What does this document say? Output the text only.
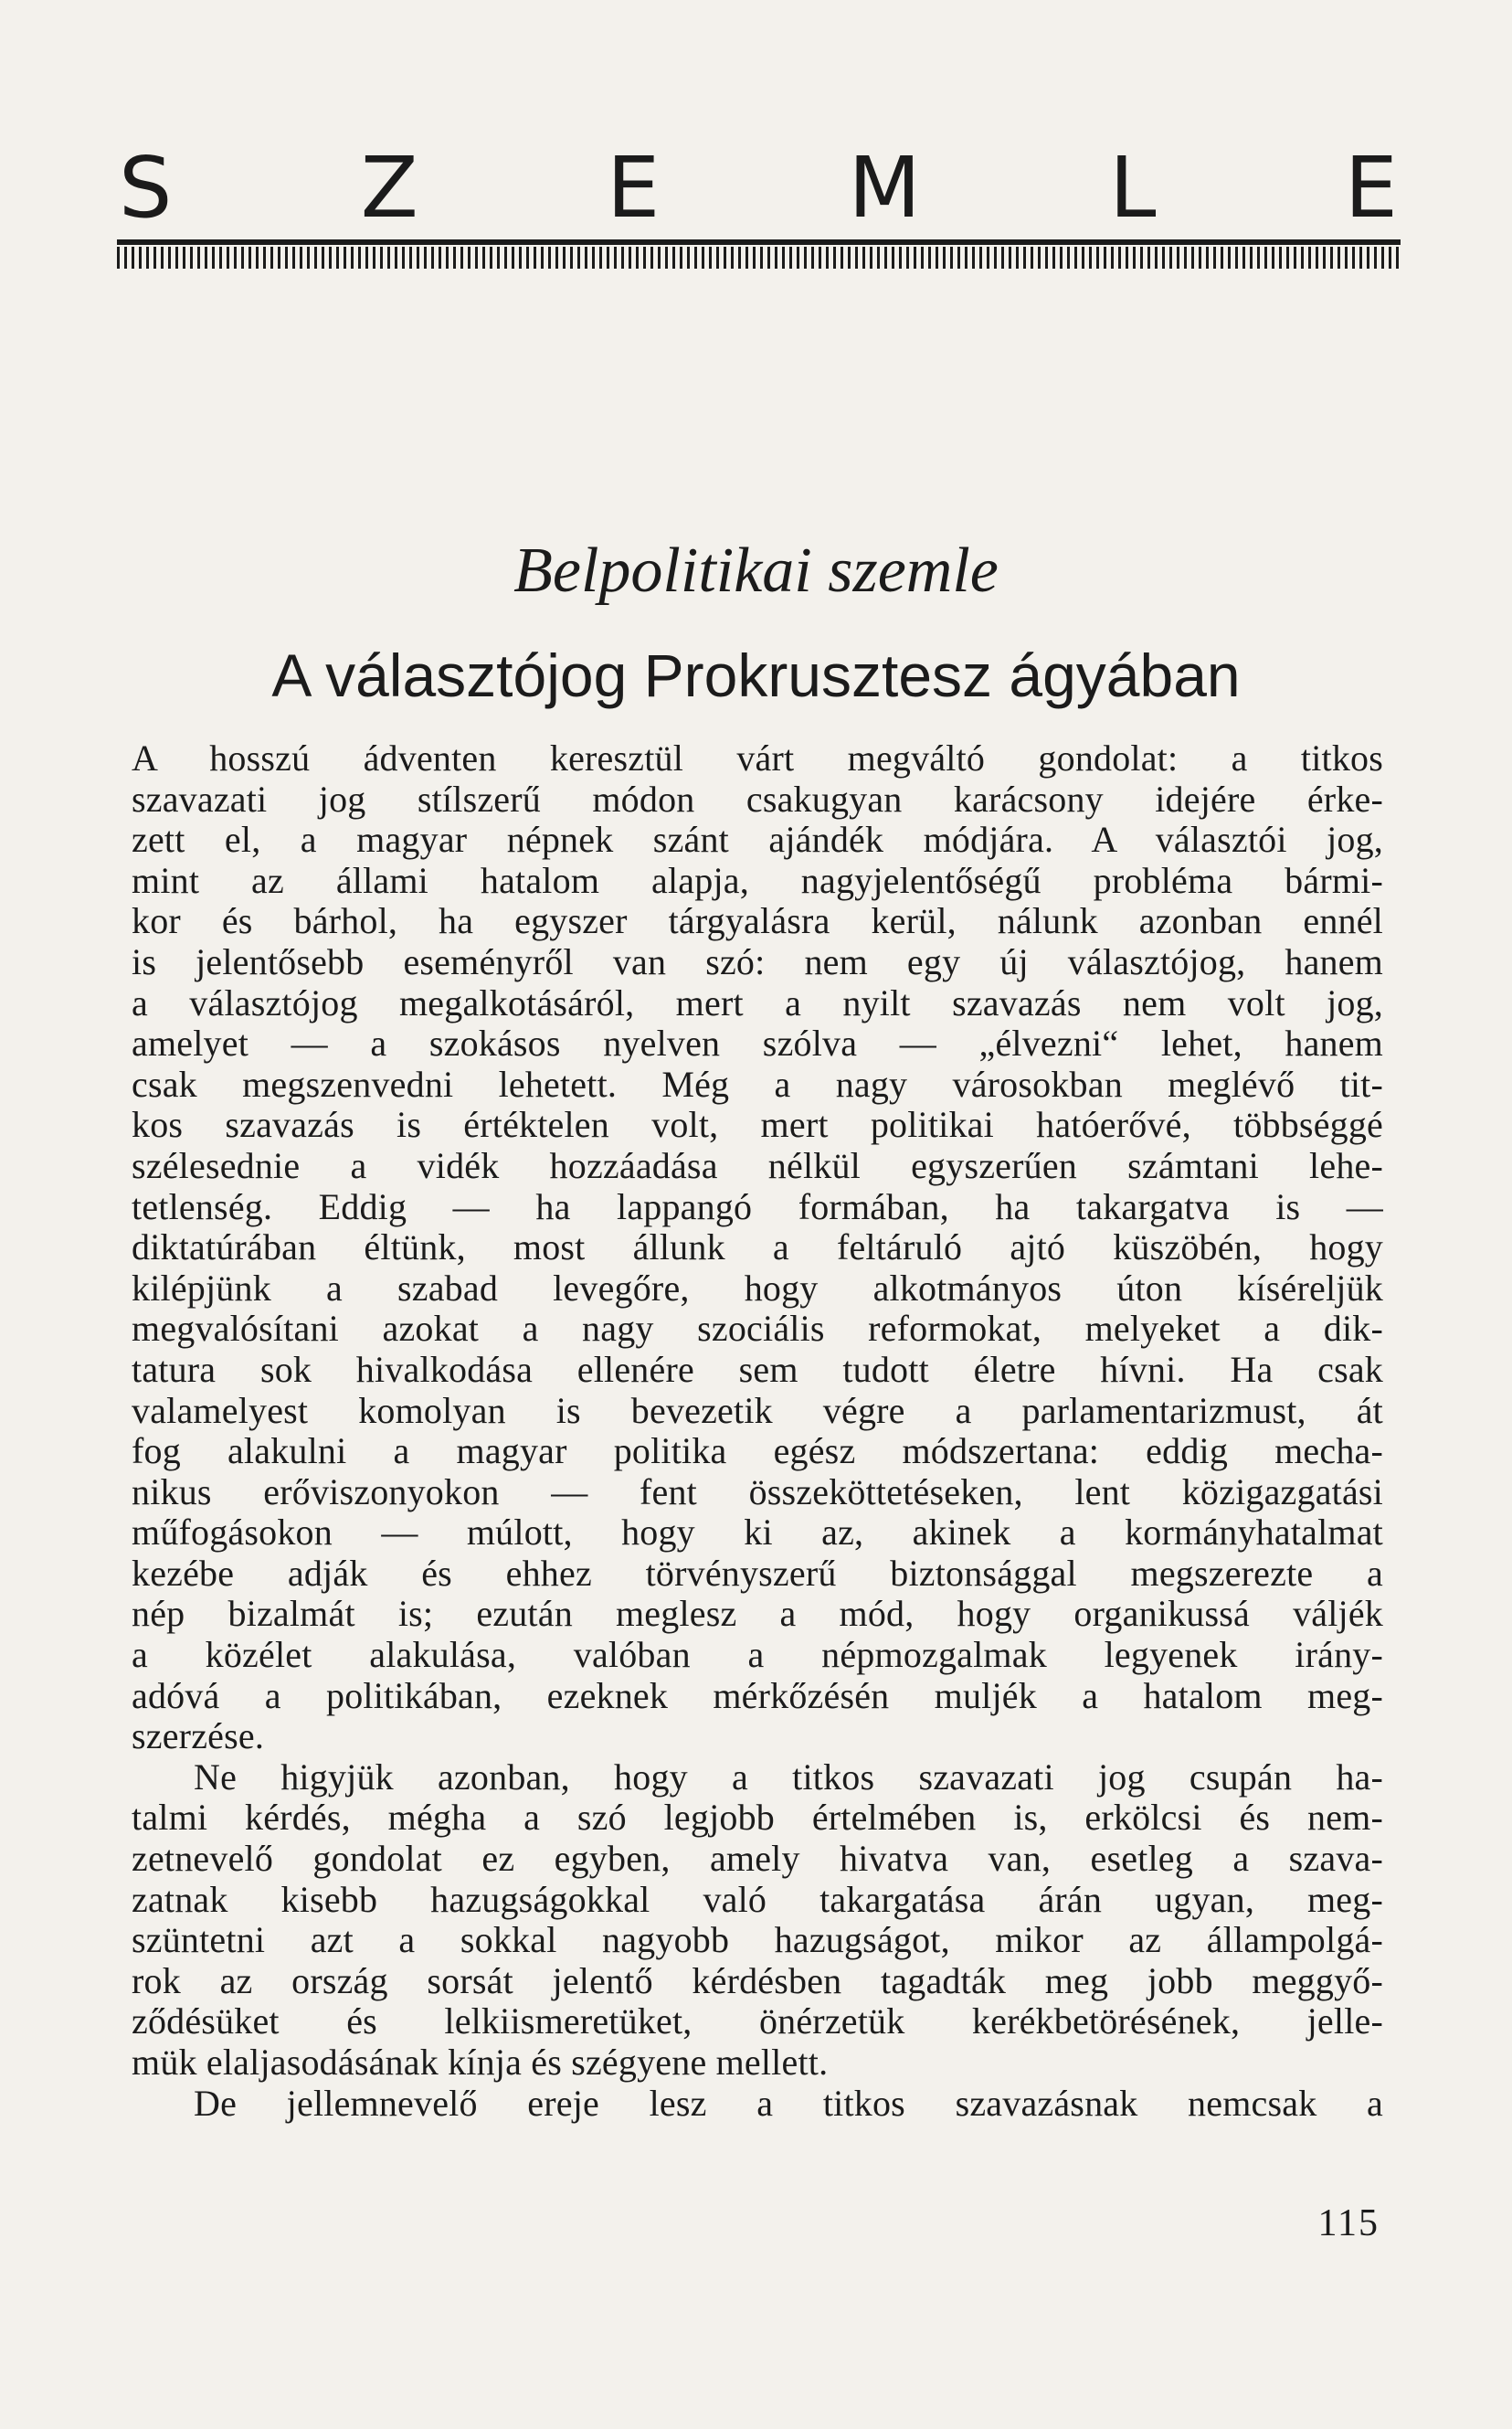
S Z E M L E
Belpolitikai szemle
A választójog Prokrusztesz ágyában
A hosszú ádventen keresztül várt megváltó gondolat: a titkos
szavazati jog stílszerű módon csakugyan karácsony idejére érke-
zett el, a magyar népnek szánt ajándék módjára. A választói jog,
mint az állami hatalom alapja, nagyjelentőségű probléma bármi-
kor és bárhol, ha egyszer tárgyalásra kerül, nálunk azonban ennél
is jelentősebb eseményről van szó: nem egy új választójog, hanem
a választójog megalkotásáról, mert a nyilt szavazás nem volt jog,
amelyet — a szokásos nyelven szólva — „élvezni“ lehet, hanem
csak megszenvedni lehetett. Még a nagy városokban meglévő tit-
kos szavazás is értéktelen volt, mert politikai hatóerővé, többséggé
szélesednie a vidék hozzáadása nélkül egyszerűen számtani lehe-
tetlenség. Eddig — ha lappangó formában, ha takargatva is —
diktatúrában éltünk, most állunk a feltáruló ajtó küszöbén, hogy
kilépjünk a szabad levegőre, hogy alkotmányos úton kíséreljük
megvalósítani azokat a nagy szociális reformokat, melyeket a dik-
tatura sok hivalkodása ellenére sem tudott életre hívni. Ha csak
valamelyest komolyan is bevezetik végre a parlamentarizmust, át
fog alakulni a magyar politika egész módszertana: eddig mecha-
nikus erőviszonyokon — fent összeköttetéseken, lent közigazgatási
műfogásokon — múlott, hogy ki az, akinek a kormányhatalmat
kezébe adják és ehhez törvényszerű biztonsággal megszerezte a
nép bizalmát is; ezután meglesz a mód, hogy organikussá váljék
a közélet alakulása, valóban a népmozgalmak legyenek irány-
adóvá a politikában, ezeknek mérkőzésén muljék a hatalom meg-
szerzése.
Ne higyjük azonban, hogy a titkos szavazati jog csupán ha-
talmi kérdés, mégha a szó legjobb értelmében is, erkölcsi és nem-
zetnevelő gondolat ez egyben, amely hivatva van, esetleg a szava-
zatnak kisebb hazugságokkal való takargatása árán ugyan, meg-
szüntetni azt a sokkal nagyobb hazugságot, mikor az állampolgá-
rok az ország sorsát jelentő kérdésben tagadták meg jobb meggyő-
ződésüket és lelkiismeretüket, önérzetük kerékbetörésének, jelle-
mük elaljasodásának kínja és szégyene mellett.
De jellemnevelő ereje lesz a titkos szavazásnak nemcsak a
115
